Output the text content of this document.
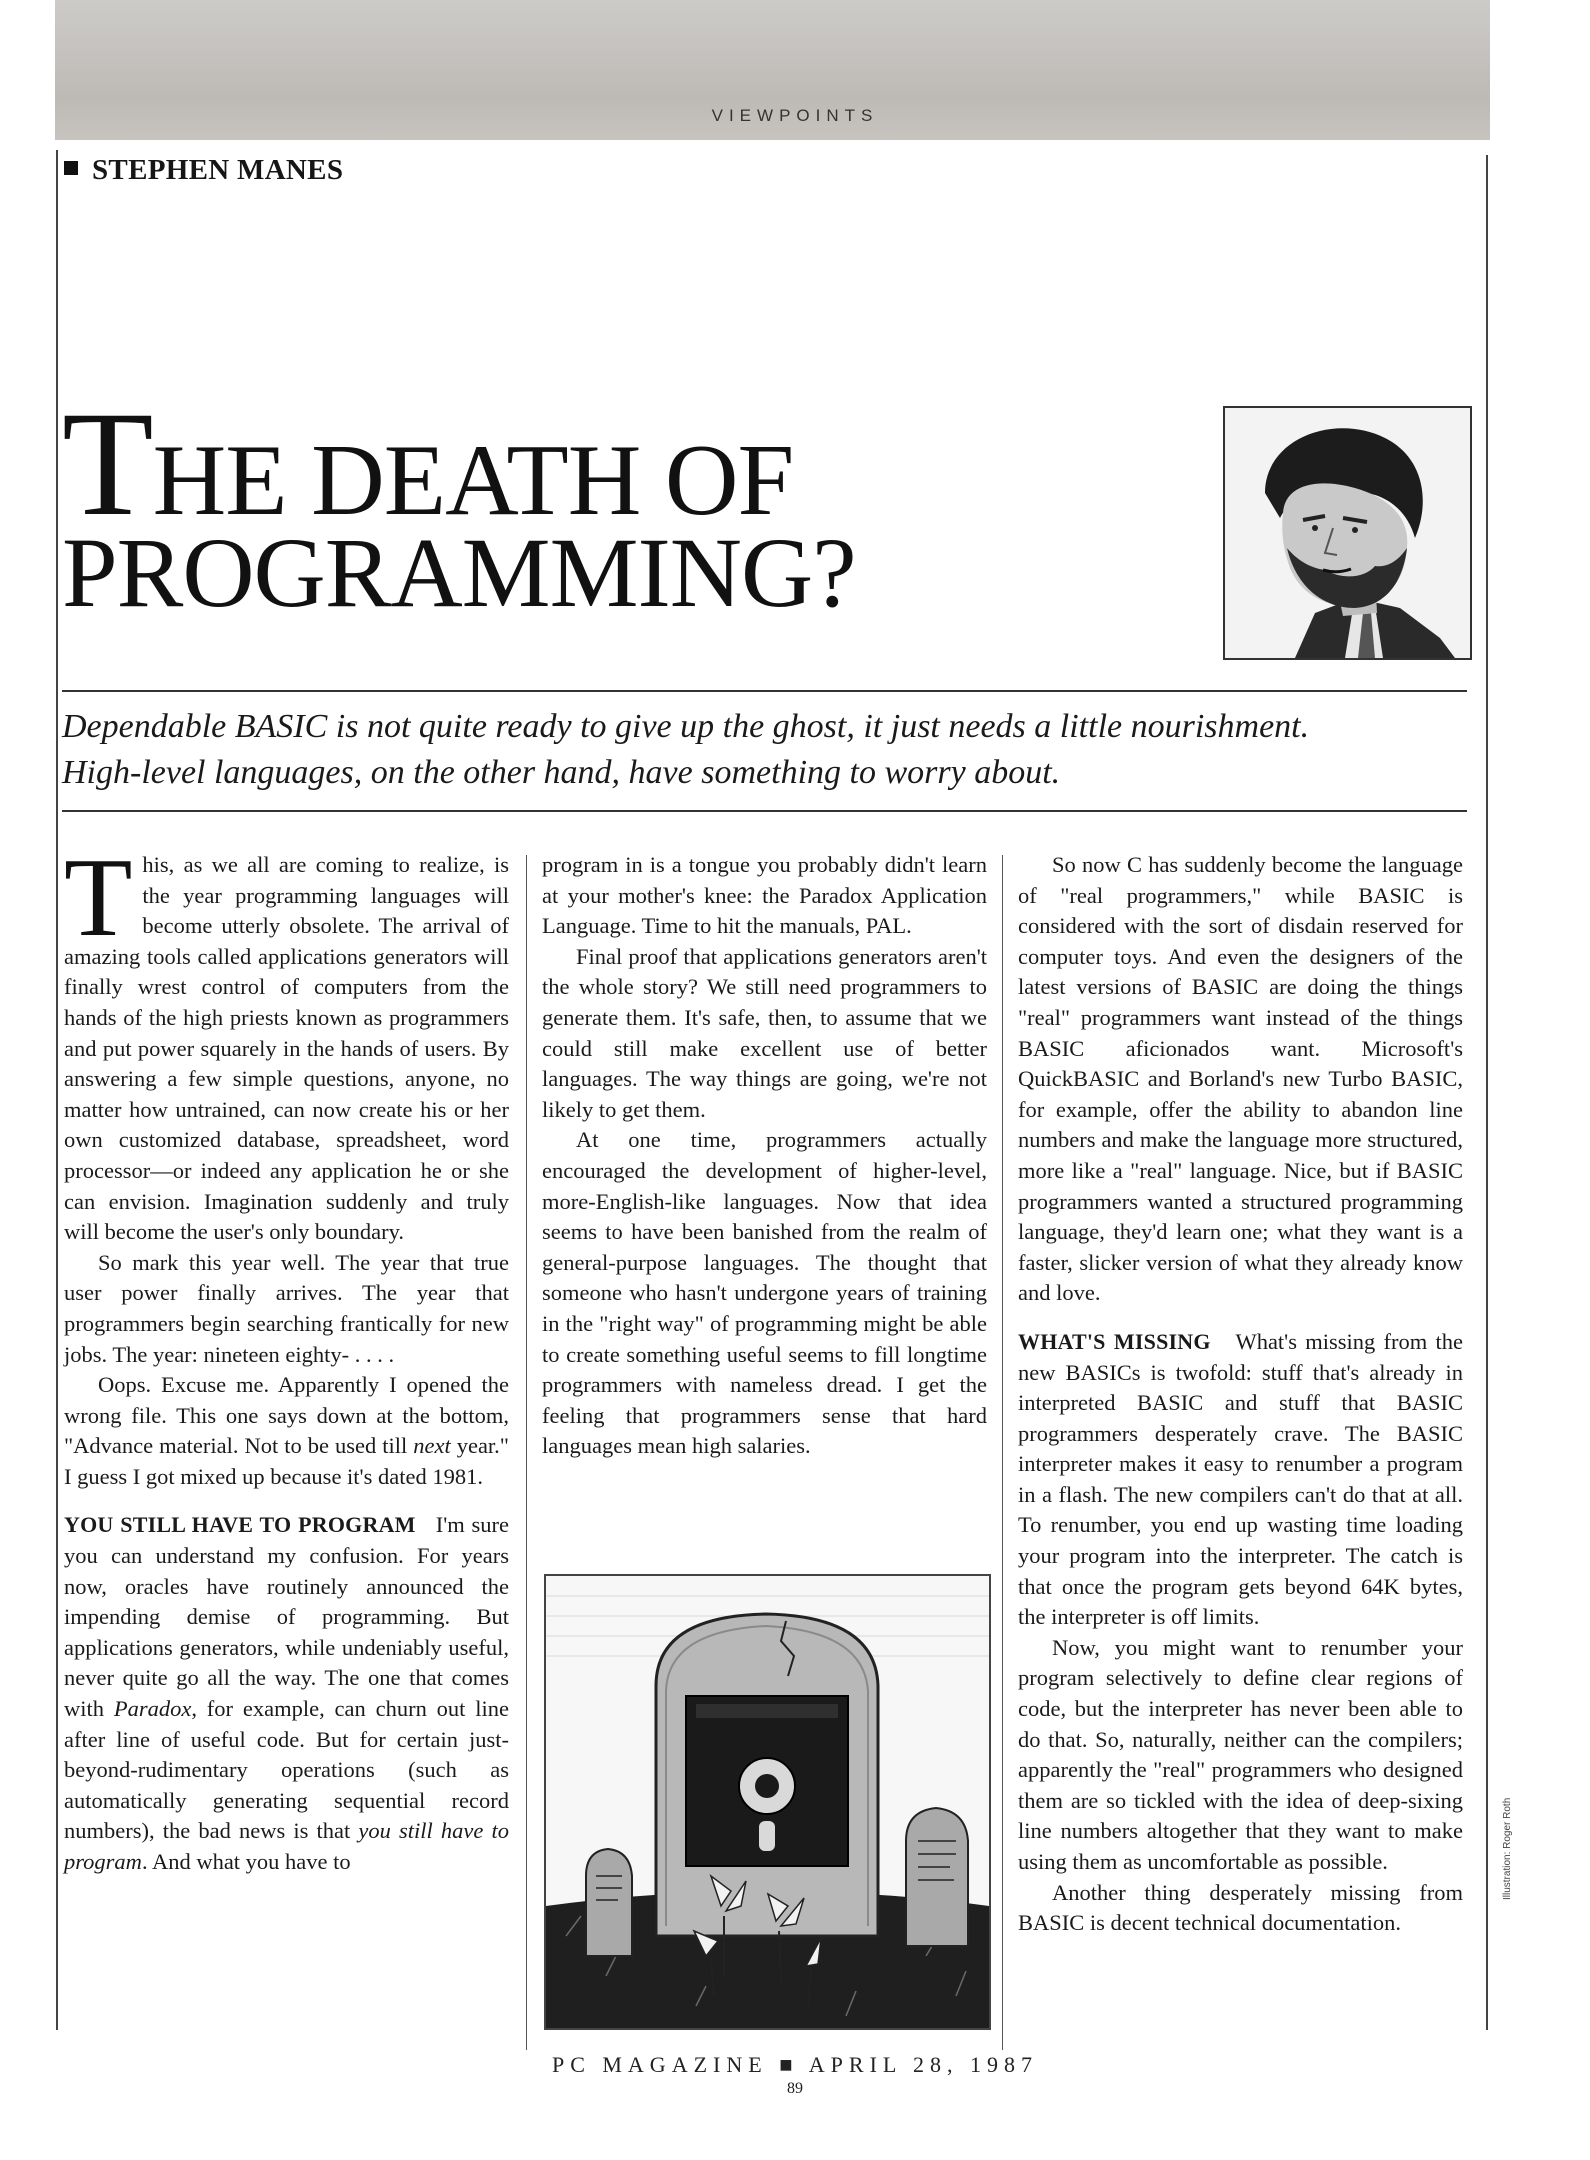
VIEWPOINTS
STEPHEN MANES
THE DEATH OF
PROGRAMMING?
Dependable BASIC is not quite ready to give up the ghost, it just needs a little nourishment.
High-level languages, on the other hand, have something to worry about.

This, as we all are coming to realize, is the year programming languages will become utterly obsolete. The arrival of amazing tools called applications generators will finally wrest control of computers from the hands of the high priests known as programmers and put power squarely in the hands of users. By answering a few simple questions, anyone, no matter how untrained, can now create his or her own customized database, spreadsheet, word processor—or indeed any application he or she can envision. Imagination suddenly and truly will become the user's only boundary.

So mark this year well. The year that true user power finally arrives. The year that programmers begin searching frantically for new jobs. The year: nineteen eighty- . . . .

Oops. Excuse me. Apparently I opened the wrong file. This one says down at the bottom, "Advance material. Not to be used till next year." I guess I got mixed up because it's dated 1981.

YOU STILL HAVE TO PROGRAM I'm sure you can understand my confusion. For years now, oracles have routinely announced the impending demise of programming. But applications generators, while undeniably useful, never quite go all the way. The one that comes with Paradox, for example, can churn out line after line of useful code. But for certain just-beyond-rudimentary operations (such as automatically generating sequential record numbers), the bad news is that you still have to program. And what you have to

program in is a tongue you probably didn't learn at your mother's knee: the Paradox Application Language. Time to hit the manuals, PAL.

Final proof that applications generators aren't the whole story? We still need programmers to generate them. It's safe, then, to assume that we could still make excellent use of better languages. The way things are going, we're not likely to get them.

At one time, programmers actually encouraged the development of higher-level, more-English-like languages. Now that idea seems to have been banished from the realm of general-purpose languages. The thought that someone who hasn't undergone years of training in the "right way" of programming might be able to create something useful seems to fill longtime programmers with nameless dread. I get the feeling that programmers sense that hard languages mean high salaries.

So now C has suddenly become the language of "real programmers," while BASIC is considered with the sort of disdain reserved for computer toys. And even the designers of the latest versions of BASIC are doing the things "real" programmers want instead of the things BASIC aficionados want. Microsoft's QuickBASIC and Borland's new Turbo BASIC, for example, offer the ability to abandon line numbers and make the language more structured, more like a "real" language. Nice, but if BASIC programmers wanted a structured programming language, they'd learn one; what they want is a faster, slicker version of what they already know and love.

WHAT'S MISSING What's missing from the new BASICs is twofold: stuff that's already in interpreted BASIC and stuff that BASIC programmers desperately crave. The BASIC interpreter makes it easy to renumber a program in a flash. The new compilers can't do that at all. To renumber, you end up wasting time loading your program into the interpreter. The catch is that once the program gets beyond 64K bytes, the interpreter is off limits.

Now, you might want to renumber your program selectively to define clear regions of code, but the interpreter has never been able to do that. So, naturally, neither can the compilers; apparently the "real" programmers who designed them are so tickled with the idea of deep-sixing line numbers altogether that they want to make using them as uncomfortable as possible.

Another thing desperately missing from BASIC is decent technical documentation.

Illustration: Roger Roth
PC MAGAZINE ■ APRIL 28, 1987
89
